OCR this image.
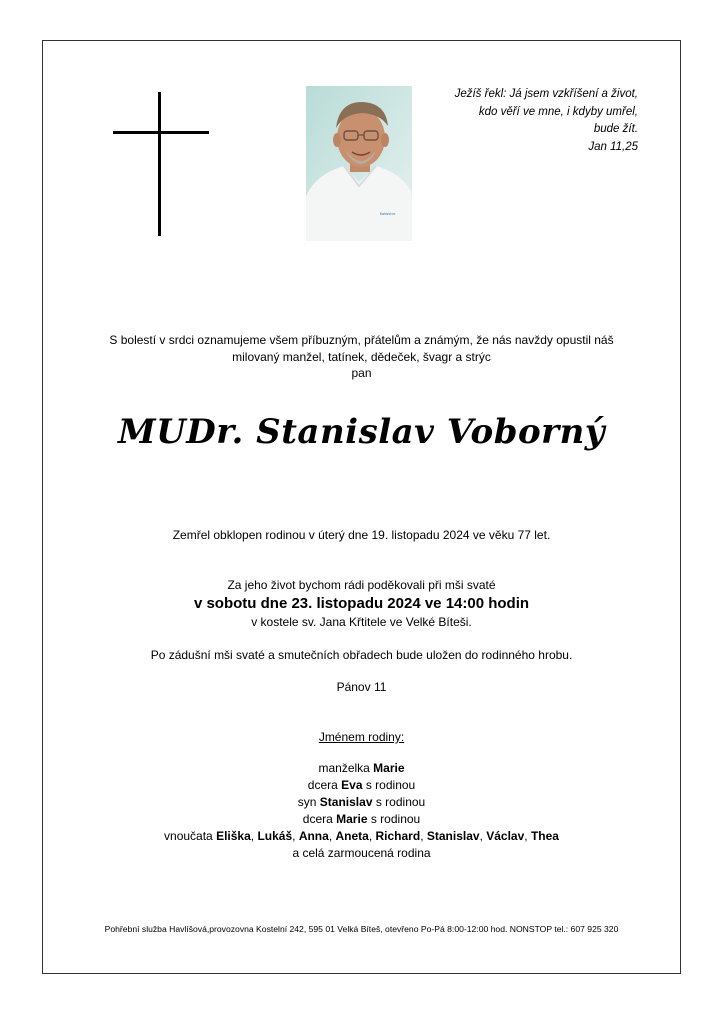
Kokovice
Ježíš řekl: Já jsem vzkříšení a život,
kdo věří ve mne, i kdyby umřel,
bude žít.
Jan 11,25
S bolestí v srdci oznamujeme všem příbuzným, přátelům a známým, že nás navždy opustil náš
milovaný manžel, tatínek, dědeček, švagr a strýc
pan
MUDr. Stanislav Voborný
Zemřel obklopen rodinou v úterý dne 19. listopadu 2024 ve věku 77 let.
Za jeho život bychom rádi poděkovali při mši svaté
v sobotu dne 23. listopadu 2024 ve 14:00 hodin
v kostele sv. Jana Křtitele ve Velké Bíteši.
Po zádušní mši svaté a smutečních obřadech bude uložen do rodinného hrobu.
Pánov 11
Jménem rodiny:
manželka Marie
dcera Eva s rodinou
syn Stanislav s rodinou
dcera Marie s rodinou
vnoučata Eliška, Lukáš, Anna, Aneta, Richard, Stanislav, Václav, Thea
a celá zarmoucená rodina
Pohřební služba Havlíšová,provozovna Kostelní 242, 595 01 Velká Bíteš, otevřeno Po-Pá 8:00-12:00 hod. NONSTOP tel.: 607 925 320
